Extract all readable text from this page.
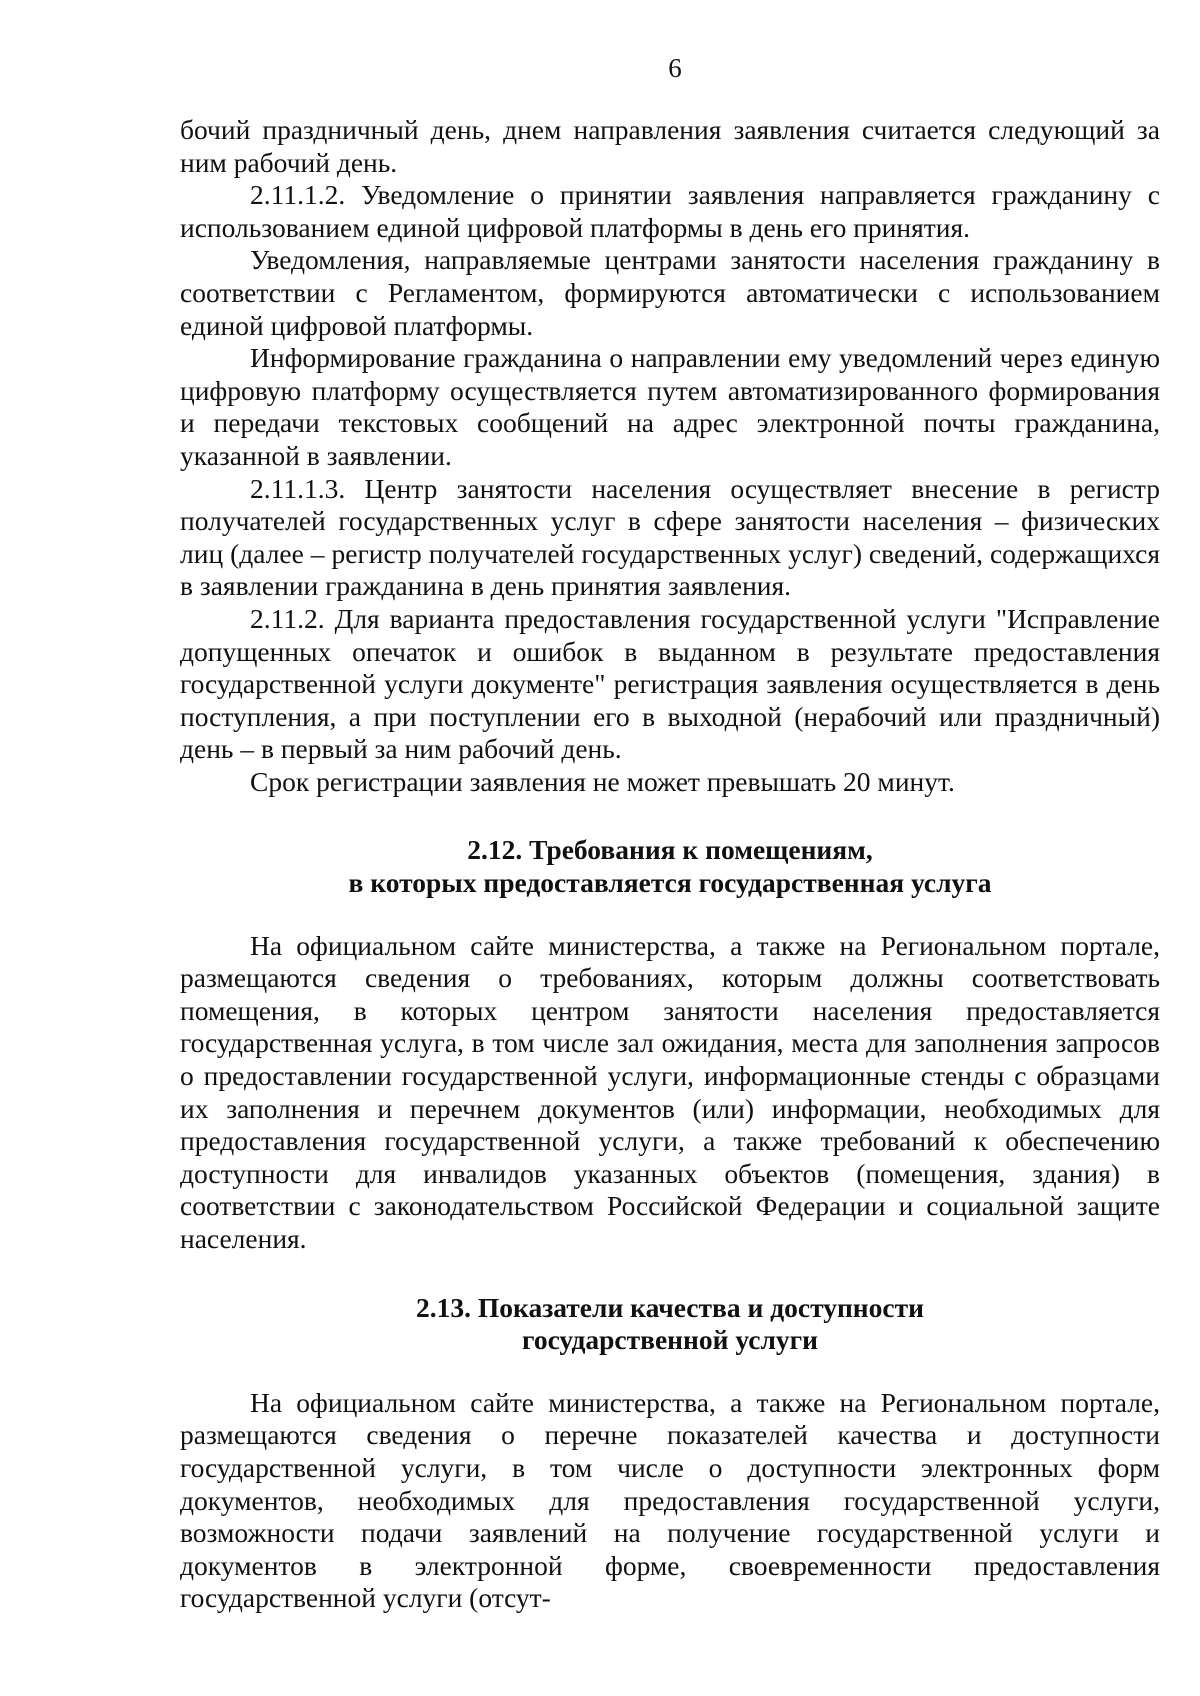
6

бочий праздничный день, днем направления заявления считается следующий за ним рабочий день.

2.11.1.2. Уведомление о принятии заявления направляется гражданину с использованием единой цифровой платформы в день его принятия.

Уведомления, направляемые центрами занятости населения гражданину в соответствии с Регламентом, формируются автоматически с использованием единой цифровой платформы.

Информирование гражданина о направлении ему уведомлений через единую цифровую платформу осуществляется путем автоматизированного формирования и передачи текстовых сообщений на адрес электронной почты гражданина, указанной в заявлении.

2.11.1.3. Центр занятости населения осуществляет внесение в регистр получателей государственных услуг в сфере занятости населения – физических лиц (далее – регистр получателей государственных услуг) сведений, содержащихся в заявлении гражданина в день принятия заявления.

2.11.2. Для варианта предоставления государственной услуги "Исправление допущенных опечаток и ошибок в выданном в результате предоставления государственной услуги документе" регистрация заявления осуществляется в день поступления, а при поступлении его в выходной (нерабочий или праздничный) день – в первый за ним рабочий день.

Срок регистрации заявления не может превышать 20 минут.

2.12. Требования к помещениям,
в которых предоставляется государственная услуга

На официальном сайте министерства, а также на Региональном портале, размещаются сведения о требованиях, которым должны соответствовать помещения, в которых центром занятости населения предоставляется государственная услуга, в том числе зал ожидания, места для заполнения запросов о предоставлении государственной услуги, информационные стенды с образцами их заполнения и перечнем документов (или) информации, необходимых для предоставления государственной услуги, а также требований к обеспечению доступности для инвалидов указанных объектов (помещения, здания) в соответствии с законодательством Российской Федерации и социальной защите населения.

2.13. Показатели качества и доступности
государственной услуги

На официальном сайте министерства, а также на Региональном портале, размещаются сведения о перечне показателей качества и доступности государственной услуги, в том числе о доступности электронных форм документов, необходимых для предоставления государственной услуги, возможности подачи заявлений на получение государственной услуги и документов в электронной форме, своевременности предоставления государственной услуги (отсут-
